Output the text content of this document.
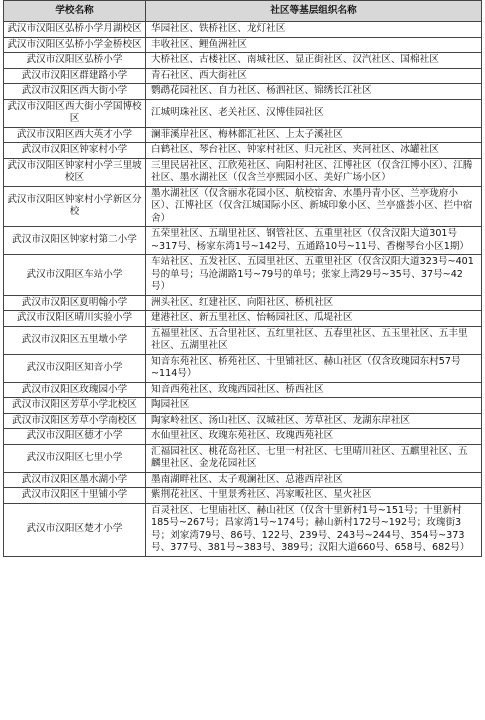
学校名称	社区等基层组织名称
武汉市汉阳区弘桥小学月湖校区	华园社区、铁桥社区、龙灯社区
武汉市汉阳区弘桥小学金桥校区	丰收社区、鲤鱼洲社区
武汉市汉阳区弘桥小学	大桥社区、古楼社区、南城社区、显正街社区、汉汽社区、国棉社区
武汉市汉阳区群建路小学	青石社区、西大街社区
武汉市汉阳区西大街小学	鹦鹉花园社区、自力社区、杨泗社区、锦绣长江社区
武汉市汉阳区西大街小学国博校区	江城明珠社区、老关社区、汉博佳园社区
武汉市汉阳区西大英才小学	澜菲溪岸社区、梅林都汇社区、上太子溪社区
武汉市汉阳区钟家村小学	白鹤社区、琴台社区、钟家村社区、归元社区、夹河社区、冰罐社区
武汉市汉阳区钟家村小学三里坡校区	三里民居社区、江欣苑社区、向阳村社区、江博社区（仅含江博小区）、江腾社区、墨水湖社区（仅含兰亭熙园小区、美好广场小区）
武汉市汉阳区钟家村小学新区分校	墨水湖社区（仅含丽水花园小区、航校宿舍、水墨丹青小区、兰亭珑府小区）、江博社区（仅含江城国际小区、新城印象小区、兰亭盛荟小区、拦中宿舍）
武汉市汉阳区钟家村第二小学	五荣里社区、五瑞里社区、钢管社区、五重里社区（仅含汉阳大道301号~317号、杨家东湾1号~142号、五通路10号~11号、香榭琴台小区1期）
武汉市汉阳区车站小学	车站社区、五发社区、五园里社区、五重里社区（仅含汉阳大道323号~401号的单号；马沧湖路1号~79号的单号；张家上湾29号~35号、37号~42号）
武汉市汉阳区夏明翰小学	洲头社区、红建社区、向阳社区、桥机社区
武汉市汉阳区晴川实验小学	建港社区、新五里社区、怡畅园社区、瓜堤社区
武汉市汉阳区五里墩小学	五福里社区、五合里社区、五红里社区、五春里社区、五玉里社区、五丰里社区、五湖里社区
武汉市汉阳区知音小学	知音东苑社区、桥苑社区、十里铺社区、赫山社区（仅含玫瑰园东村57号~114号）
武汉市汉阳区玫瑰园小学	知音西苑社区、玫瑰西园社区、桥西社区
武汉市汉阳区芳草小学北校区	陶园社区
武汉市汉阳区芳草小学南校区	陶家岭社区、汤山社区、汉城社区、芳草社区、龙湖东岸社区
武汉市汉阳区德才小学	水仙里社区、玫瑰东苑社区、玫瑰西苑社区
武汉市汉阳区七里小学	汇福园社区、桃花岛社区、七里一村社区、七里晴川社区、五麒里社区、五麟里社区、金龙花园社区
武汉市汉阳区墨水湖小学	墨南湖畔社区、太子观澜社区、总港西岸社区
武汉市汉阳区十里铺小学	紫荆花社区、十里景秀社区、冯家畈社区、星火社区
武汉市汉阳区楚才小学	百灵社区、七里庙社区、赫山社区（仅含十里新村1号~151号；十里新村185号~267号；昌家湾1号~174号；赫山新村172号~192号；玫瑰街3号；刘家湾79号、86号、122号、239号、243号~244号、354号~373号、377号、381号~383号、389号；汉阳大道660号、658号、682号）
